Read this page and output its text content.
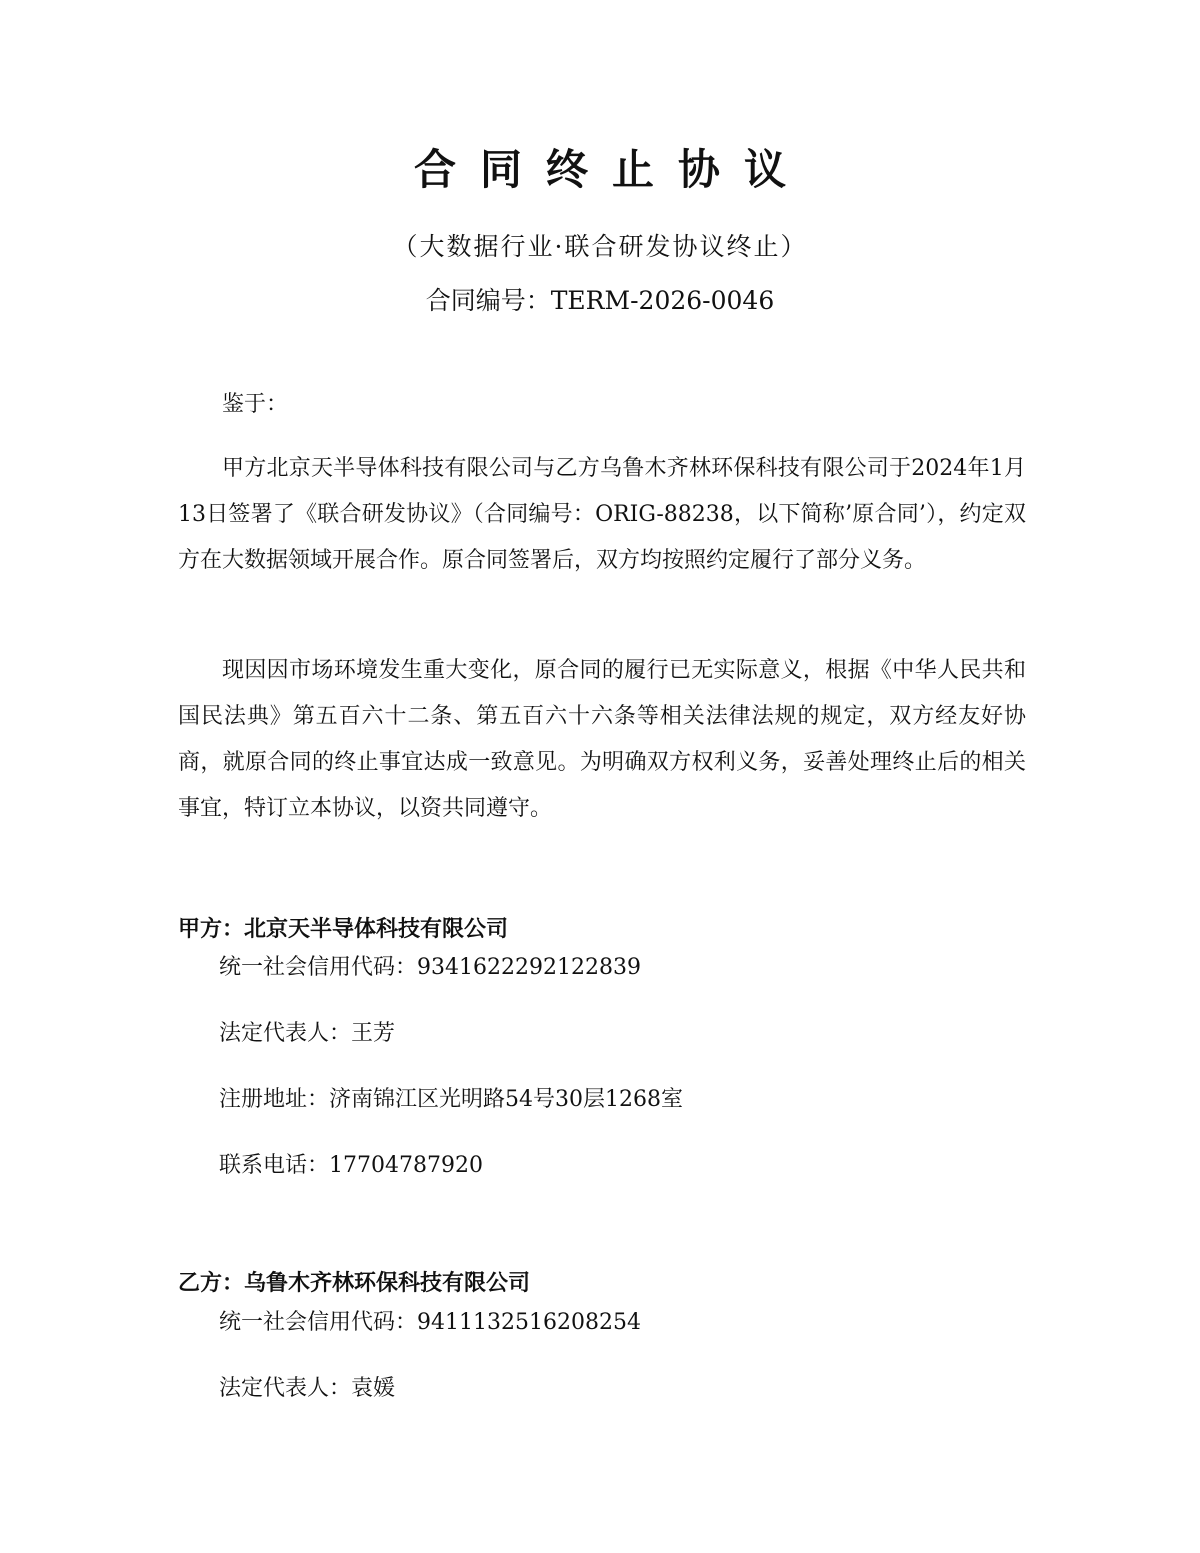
合同终止协议

（大数据行业·联合研发协议终止）

合同编号：TERM-2026-0046

鉴于：

甲方北京天半导体科技有限公司与乙方乌鲁木齐林环保科技有限公司于2024年1月13日签署了《联合研发协议》（合同编号：ORIG-88238，以下简称’原合同’），约定双方在大数据领域开展合作。原合同签署后，双方均按照约定履行了部分义务。

现因因市场环境发生重大变化，原合同的履行已无实际意义，根据《中华人民共和国民法典》第五百六十二条、第五百六十六条等相关法律法规的规定，双方经友好协商，就原合同的终止事宜达成一致意见。为明确双方权利义务，妥善处理终止后的相关事宜，特订立本协议，以资共同遵守。

甲方：北京天半导体科技有限公司

统一社会信用代码：9341622292122839

法定代表人：王芳

注册地址：济南锦江区光明路54号30层1268室

联系电话：17704787920

乙方：乌鲁木齐林环保科技有限公司

统一社会信用代码：9411132516208254

法定代表人：袁媛
